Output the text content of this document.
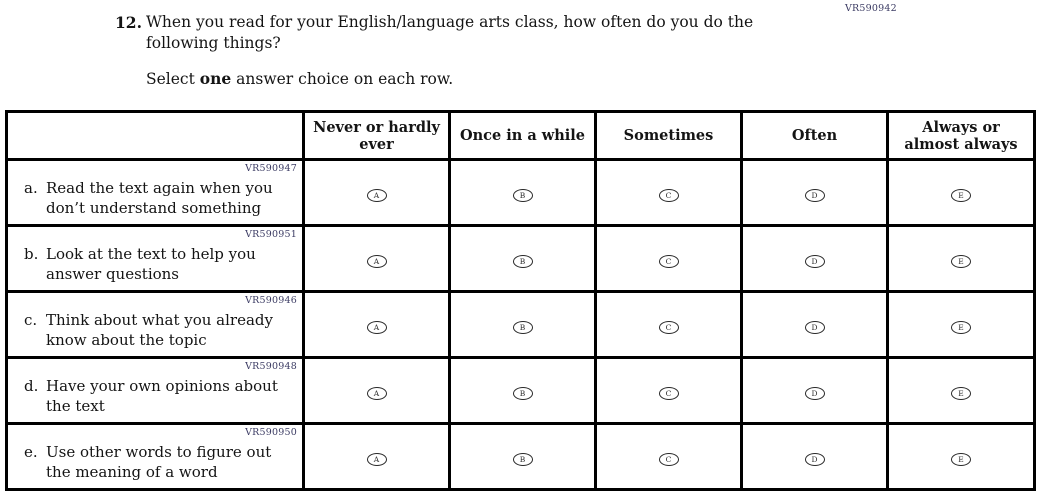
VR590942
12. When you read for your English/language arts class, how often do you do the following things?
Select one answer choice on each row.
	Never or hardly ever	Once in a while	Sometimes	Often	Always or almost always

VR590947
a. Read the text again when you don’t understand something	A	B	C	D	E

VR590951
b. Look at the text to help you answer questions	A	B	C	D	E

VR590946
c. Think about what you already know about the topic	A	B	C	D	E

VR590948
d. Have your own opinions about the text	A	B	C	D	E

VR590950
e. Use other words to figure out the meaning of a word	A	B	C	D	E
